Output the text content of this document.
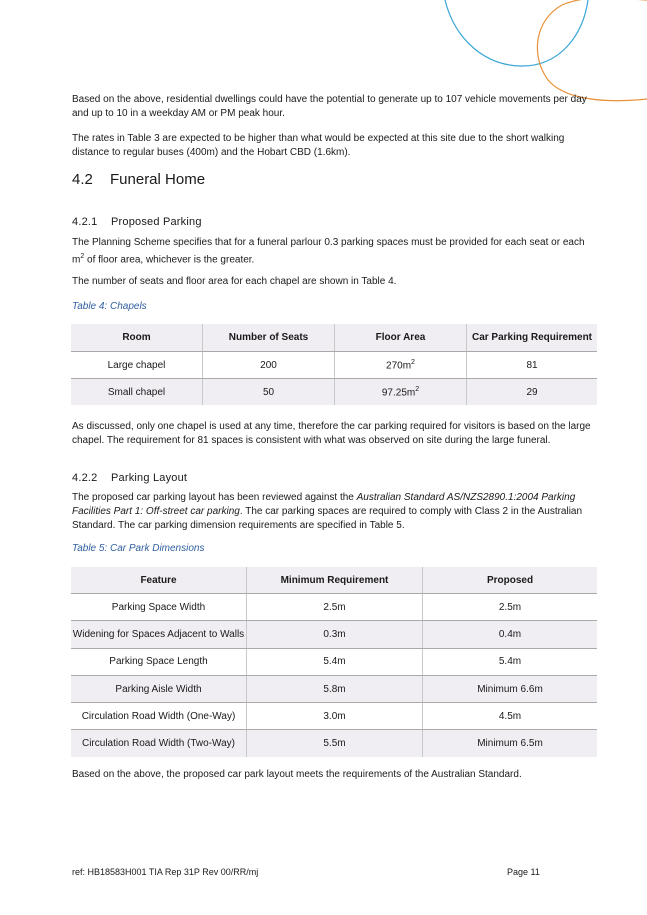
Based on the above, residential dwellings could have the potential to generate up to 107 vehicle movements per day and up to 10 in a weekday AM or PM peak hour.

The rates in Table 3 are expected to be higher than what would be expected at this site due to the short walking distance to regular buses (400m) and the Hobart CBD (1.6km).

4.2 Funeral Home
4.2.1 Proposed Parking

The Planning Scheme specifies that for a funeral parlour 0.3 parking spaces must be provided for each seat or each $m^2$ of floor area, whichever is the greater.

The number of seats and floor area for each chapel are shown in Table 4.

Table 4: Chapels

Room	Number of Seats	Floor Area	Car Parking Requirement
Large chapel	200	$270m^2$	81
Small chapel	50	$97.25m^2$	29

As discussed, only one chapel is used at any time, therefore the car parking required for visitors is based on the large chapel. The requirement for 81 spaces is consistent with what was observed on site during the large funeral.

4.2.2 Parking Layout

The proposed car parking layout has been reviewed against the Australian Standard AS/NZS2890.1:2004 Parking Facilities Part 1: Off-street car parking. The car parking spaces are required to comply with Class 2 in the Australian Standard. The car parking dimension requirements are specified in Table 5.

Table 5: Car Park Dimensions

Feature	Minimum Requirement	Proposed
Parking Space Width	2.5m	2.5m
Widening for Spaces Adjacent to Walls	0.3m	0.4m
Parking Space Length	5.4m	5.4m
Parking Aisle Width	5.8m	Minimum 6.6m
Circulation Road Width (One-Way)	3.0m	4.5m
Circulation Road Width (Two-Way)	5.5m	Minimum 6.5m

Based on the above, the proposed car park layout meets the requirements of the Australian Standard.

ref: HB18583H001 TIA Rep 31P Rev 00/RR/mj	Page 11
